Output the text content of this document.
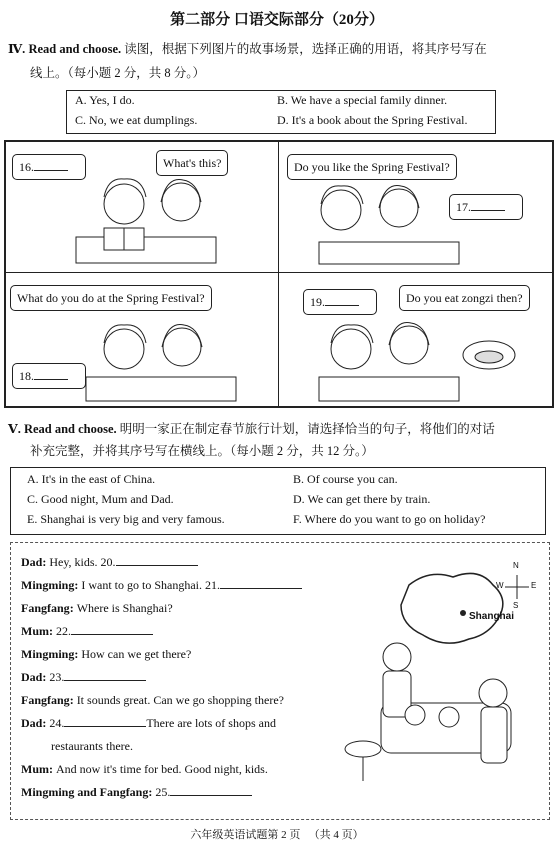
第二部分 口语交际部分（20分）
Ⅳ. Read and choose. 读图，根据下列图片的故事场景，选择正确的用语，将其序号写在
线上。（每小题 2 分，共 8 分。）
A. Yes, I do.	B. We have a special family dinner.
C. No, we eat dumplings.	D. It's a book about the Spring Festival.
16.	What's this?	Do you like the Spring Festival?
17.
What do you do at the Spring Festival?
18.
19.	Do you eat zongzi then?
Ⅴ. Read and choose. 明明一家正在制定春节旅行计划，请选择恰当的句子，将他们的对话
补充完整，并将其序号写在横线上。（每小题 2 分，共 12 分。）
A. It's in the east of China.	B. Of course you can.
C. Good night, Mum and Dad.	D. We can get there by train.
E. Shanghai is very big and very famous.	F. Where do you want to go on holiday?
Dad: Hey, kids. 20.
Mingming: I want to go to Shanghai. 21.
Fangfang: Where is Shanghai?
Mum: 22.
Mingming: How can we get there?
Dad: 23.
Fangfang: It sounds great. Can we go shopping there?
Dad: 24.	There are lots of shops and
restaurants there.
Mum: And now it's time for bed. Good night, kids.
Mingming and Fangfang: 25.
Shanghai
N
S
W	E
六年级英语试题第 2 页 （共 4 页）
